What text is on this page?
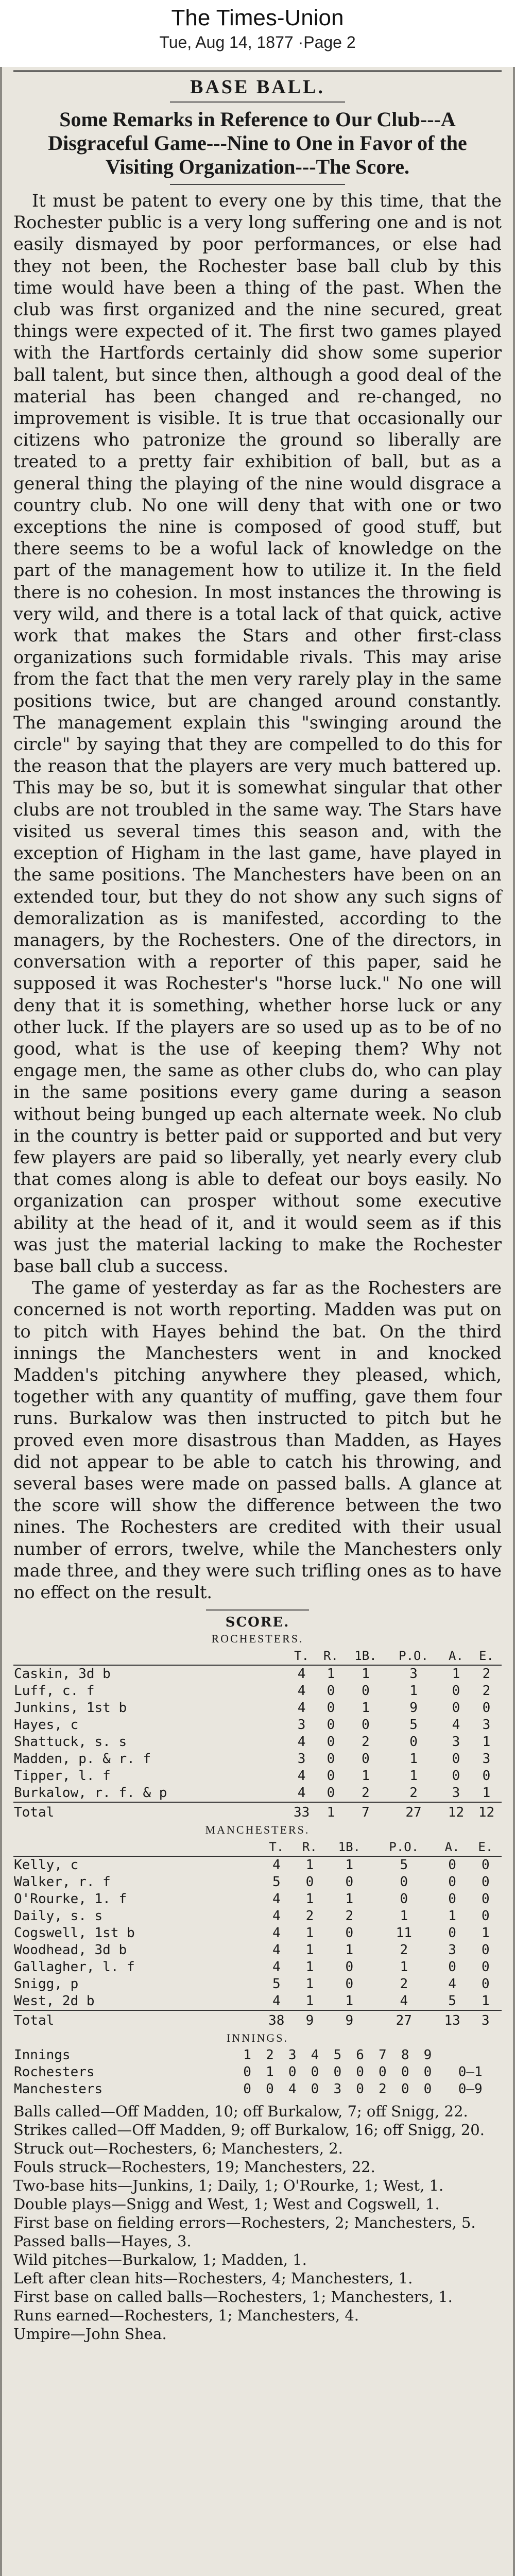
The Times-Union
Tue, Aug 14, 1877 ·Page 2
BASE BALL.
Some Remarks in Reference to Our Club---A Disgraceful Game---Nine to One in Favor of the Visiting Organization---The Score.

It must be patent to every one by this time, that the Rochester public is a very long suffering one and is not easily dismayed by poor performances, or else had they not been, the Rochester base ball club by this time would have been a thing of the past. When the club was first organized and the nine secured, great things were expected of it. The first two games played with the Hartfords certainly did show some superior ball talent, but since then, although a good deal of the material has been changed and re-changed, no improvement is visible. It is true that occasionally our citizens who patronize the ground so liberally are treated to a pretty fair exhibition of ball, but as a general thing the playing of the nine would disgrace a country club. No one will deny that with one or two exceptions the nine is composed of good stuff, but there seems to be a woful lack of knowledge on the part of the management how to utilize it. In the field there is no cohesion. In most instances the throwing is very wild, and there is a total lack of that quick, active work that makes the Stars and other first-class organizations such formidable rivals. This may arise from the fact that the men very rarely play in the same positions twice, but are changed around constantly. The management explain this "swinging around the circle" by saying that they are compelled to do this for the reason that the players are very much battered up. This may be so, but it is somewhat singular that other clubs are not troubled in the same way. The Stars have visited us several times this season and, with the exception of Higham in the last game, have played in the same positions. The Manchesters have been on an extended tour, but they do not show any such signs of demoralization as is manifested, according to the managers, by the Rochesters. One of the directors, in conversation with a reporter of this paper, said he supposed it was Rochester's "horse luck." No one will deny that it is something, whether horse luck or any other luck. If the players are so used up as to be of no good, what is the use of keeping them? Why not engage men, the same as other clubs do, who can play in the same positions every game during a season without being bunged up each alternate week. No club in the country is better paid or supported and but very few players are paid so liberally, yet nearly every club that comes along is able to defeat our boys easily. No organization can prosper without some executive ability at the head of it, and it would seem as if this was just the material lacking to make the Rochester base ball club a success.

The game of yesterday as far as the Rochesters are concerned is not worth reporting. Madden was put on to pitch with Hayes behind the bat. On the third innings the Manchesters went in and knocked Madden's pitching anywhere they pleased, which, together with any quantity of muffing, gave them four runs. Burkalow was then instructed to pitch but he proved even more disastrous than Madden, as Hayes did not appear to be able to catch his throwing, and several bases were made on passed balls. A glance at the score will show the difference between the two nines. The Rochesters are credited with their usual number of errors, twelve, while the Manchesters only made three, and they were such trifling ones as to have no effect on the result.

SCORE.
ROCHESTERS.
	T.	R.	1B.	P.O.	A.	E.
Caskin, 3d b	4	1	1	3	1	2
Luff, c. f	4	0	0	1	0	2
Junkins, 1st b	4	0	1	9	0	0
Hayes, c	3	0	0	5	4	3
Shattuck, s. s	4	0	2	0	3	1
Madden, p. & r. f	3	0	0	1	0	3
Tipper, l. f	4	0	1	1	0	0
Burkalow, r. f. & p	4	0	2	2	3	1
Total	33	1	7	27	12	12
MANCHESTERS.
	T.	R.	1B.	P.O.	A.	E.
Kelly, c	4	1	1	5	0	0
Walker, r. f	5	0	0	0	0	0
O'Rourke, 1. f	4	1	1	0	0	0
Daily, s. s	4	2	2	1	1	0
Cogswell, 1st b	4	1	0	11	0	1
Woodhead, 3d b	4	1	1	2	3	0
Gallagher, l. f	4	1	0	1	0	0
Snigg, p	5	1	0	2	4	0
West, 2d b	4	1	1	4	5	1
Total	38	9	9	27	13	3
INNINGS.
Innings	1	2	3	4	5	6	7	8	9	
Rochesters	0	1	0	0	0	0	0	0	0	0—1
Manchesters	0	0	4	0	3	0	2	0	0	0—9

Balls called—Off Madden, 10; off Burkalow, 7; off Snigg, 22.

Strikes called—Off Madden, 9; off Burkalow, 16; off Snigg, 20.

Struck out—Rochesters, 6; Manchesters, 2.

Fouls struck—Rochesters, 19; Manchesters, 22.

Two-base hits—Junkins, 1; Daily, 1; O'Rourke, 1; West, 1.

Double plays—Snigg and West, 1; West and Cogswell, 1.

First base on fielding errors—Rochesters, 2; Manchesters, 5.

Passed balls—Hayes, 3.

Wild pitches—Burkalow, 1; Madden, 1.

Left after clean hits—Rochesters, 4; Manchesters, 1.

First base on called balls—Rochesters, 1; Manchesters, 1.

Runs earned—Rochesters, 1; Manchesters, 4.

Umpire—John Shea.
